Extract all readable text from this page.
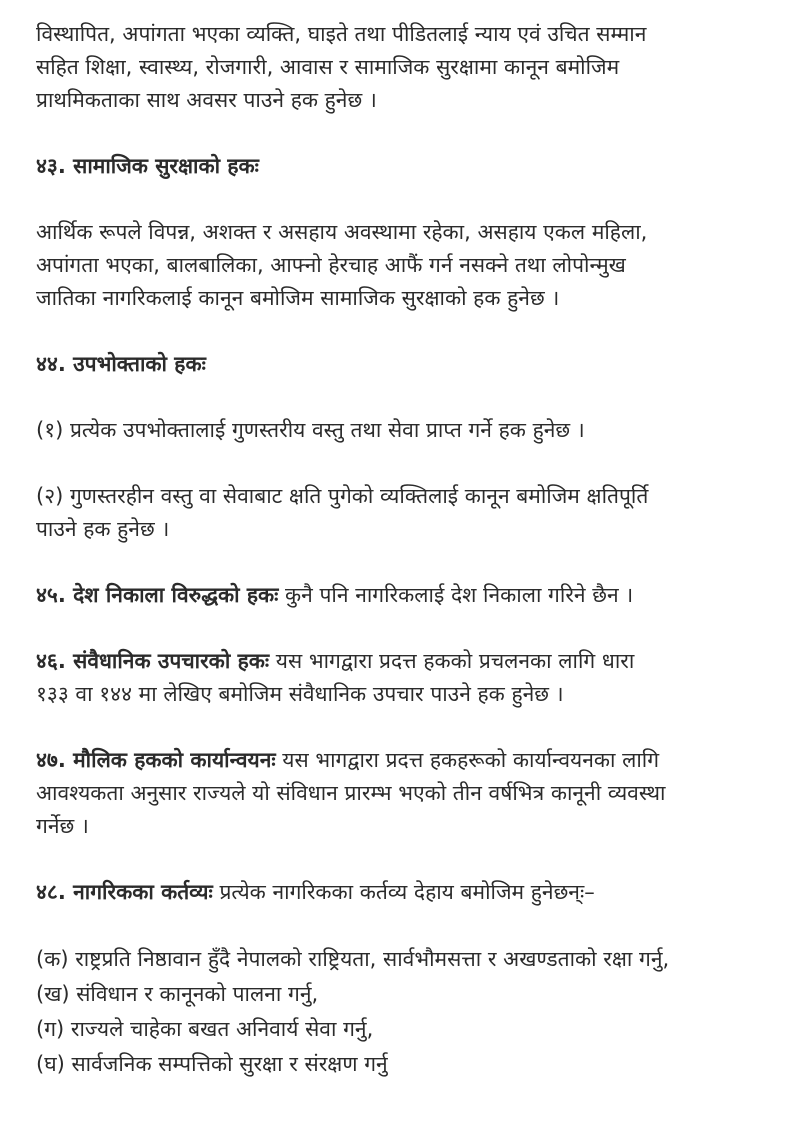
विस्थापित, अपांगता भएका व्यक्ति, घाइते तथा पीडितलाई न्याय एवं उचित सम्मान
सहित शिक्षा, स्वास्थ्य, रोजगारी, आवास र सामाजिक सुरक्षामा कानून बमोजिम
प्राथमिकताका साथ अवसर पाउने हक हुनेछ ।
४३. सामाजिक सुरक्षाको हकः
आर्थिक रूपले विपन्न, अशक्त र असहाय अवस्थामा रहेका, असहाय एकल महिला,
अपांगता भएका, बालबालिका, आफ्नो हेरचाह आफैं गर्न नसक्ने तथा लोपोन्मुख
जातिका नागरिकलाई कानून बमोजिम सामाजिक सुरक्षाको हक हुनेछ ।
४४. उपभोक्ताको हकः
(१) प्रत्येक उपभोक्तालाई गुणस्तरीय वस्तु तथा सेवा प्राप्त गर्ने हक हुनेछ ।
(२) गुणस्तरहीन वस्तु वा सेवाबाट क्षति पुगेको व्यक्तिलाई कानून बमोजिम क्षतिपूर्ति
पाउने हक हुनेछ ।
४५. देश निकाला विरुद्धको हकः कुनै पनि नागरिकलाई देश निकाला गरिने छैन ।
४६. संवैधानिक उपचारको हकः यस भागद्वारा प्रदत्त हकको प्रचलनका लागि धारा
१३३ वा १४४ मा लेखिए बमोजिम संवैधानिक उपचार पाउने हक हुनेछ ।
४७. मौलिक हकको कार्यान्वयनः यस भागद्वारा प्रदत्त हकहरूको कार्यान्वयनका लागि
आवश्यकता अनुसार राज्यले यो संविधान प्रारम्भ भएको तीन वर्षभित्र कानूनी व्यवस्था
गर्नेछ ।
४८. नागरिकका कर्तव्यः प्रत्येक नागरिकका कर्तव्य देहाय बमोजिम हुनेछन्ः–
(क) राष्ट्रप्रति निष्ठावान हुँदै नेपालको राष्ट्रियता, सार्वभौमसत्ता र अखण्डताको रक्षा गर्नु,
(ख) संविधान र कानूनको पालना गर्नु,
(ग) राज्यले चाहेका बखत अनिवार्य सेवा गर्नु,
(घ) सार्वजनिक सम्पत्तिको सुरक्षा र संरक्षण गर्नु
